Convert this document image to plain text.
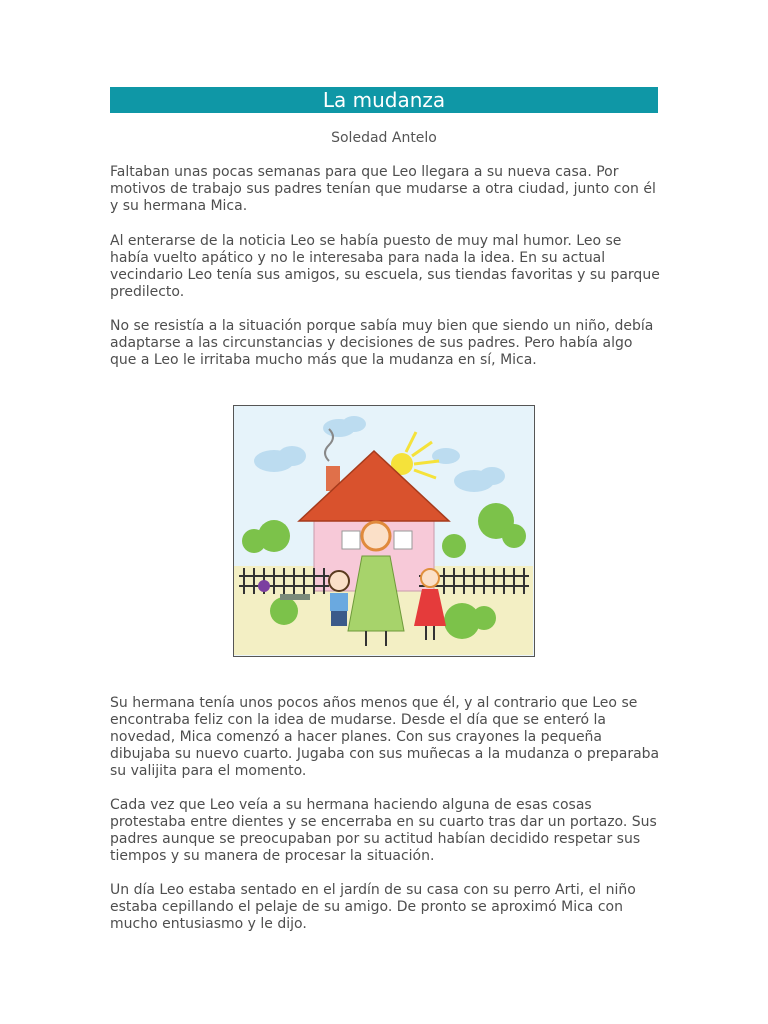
La mudanza
Soledad Antelo

Faltaban unas pocas semanas para que Leo llegara a su nueva casa. Por motivos de trabajo sus padres tenían que mudarse a otra ciudad, junto con él y su hermana Mica.

Al enterarse de la noticia Leo se había puesto de muy mal humor. Leo se había vuelto apático y no le interesaba para nada la idea. En su actual vecindario Leo tenía sus amigos, su escuela, sus tiendas favoritas y su parque predilecto.

No se resistía a la situación porque sabía muy bien que siendo un niño, debía adaptarse a las circunstancias y decisiones de sus padres. Pero había algo que a Leo le irritaba mucho más que la mudanza en sí, Mica.

Su hermana tenía unos pocos años menos que él, y al contrario que Leo se encontraba feliz con la idea de mudarse. Desde el día que se enteró la novedad, Mica comenzó a hacer planes. Con sus crayones la pequeña dibujaba su nuevo cuarto. Jugaba con sus muñecas a la mudanza o preparaba su valijita para el momento.

Cada vez que Leo veía a su hermana haciendo alguna de esas cosas protestaba entre dientes y se encerraba en su cuarto tras dar un portazo. Sus padres aunque se preocupaban por su actitud habían decidido respetar sus tiempos y su manera de procesar la situación.

Un día Leo estaba sentado en el jardín de su casa con su perro Arti, el niño estaba cepillando el pelaje de su amigo. De pronto se aproximó Mica con mucho entusiasmo y le dijo.
